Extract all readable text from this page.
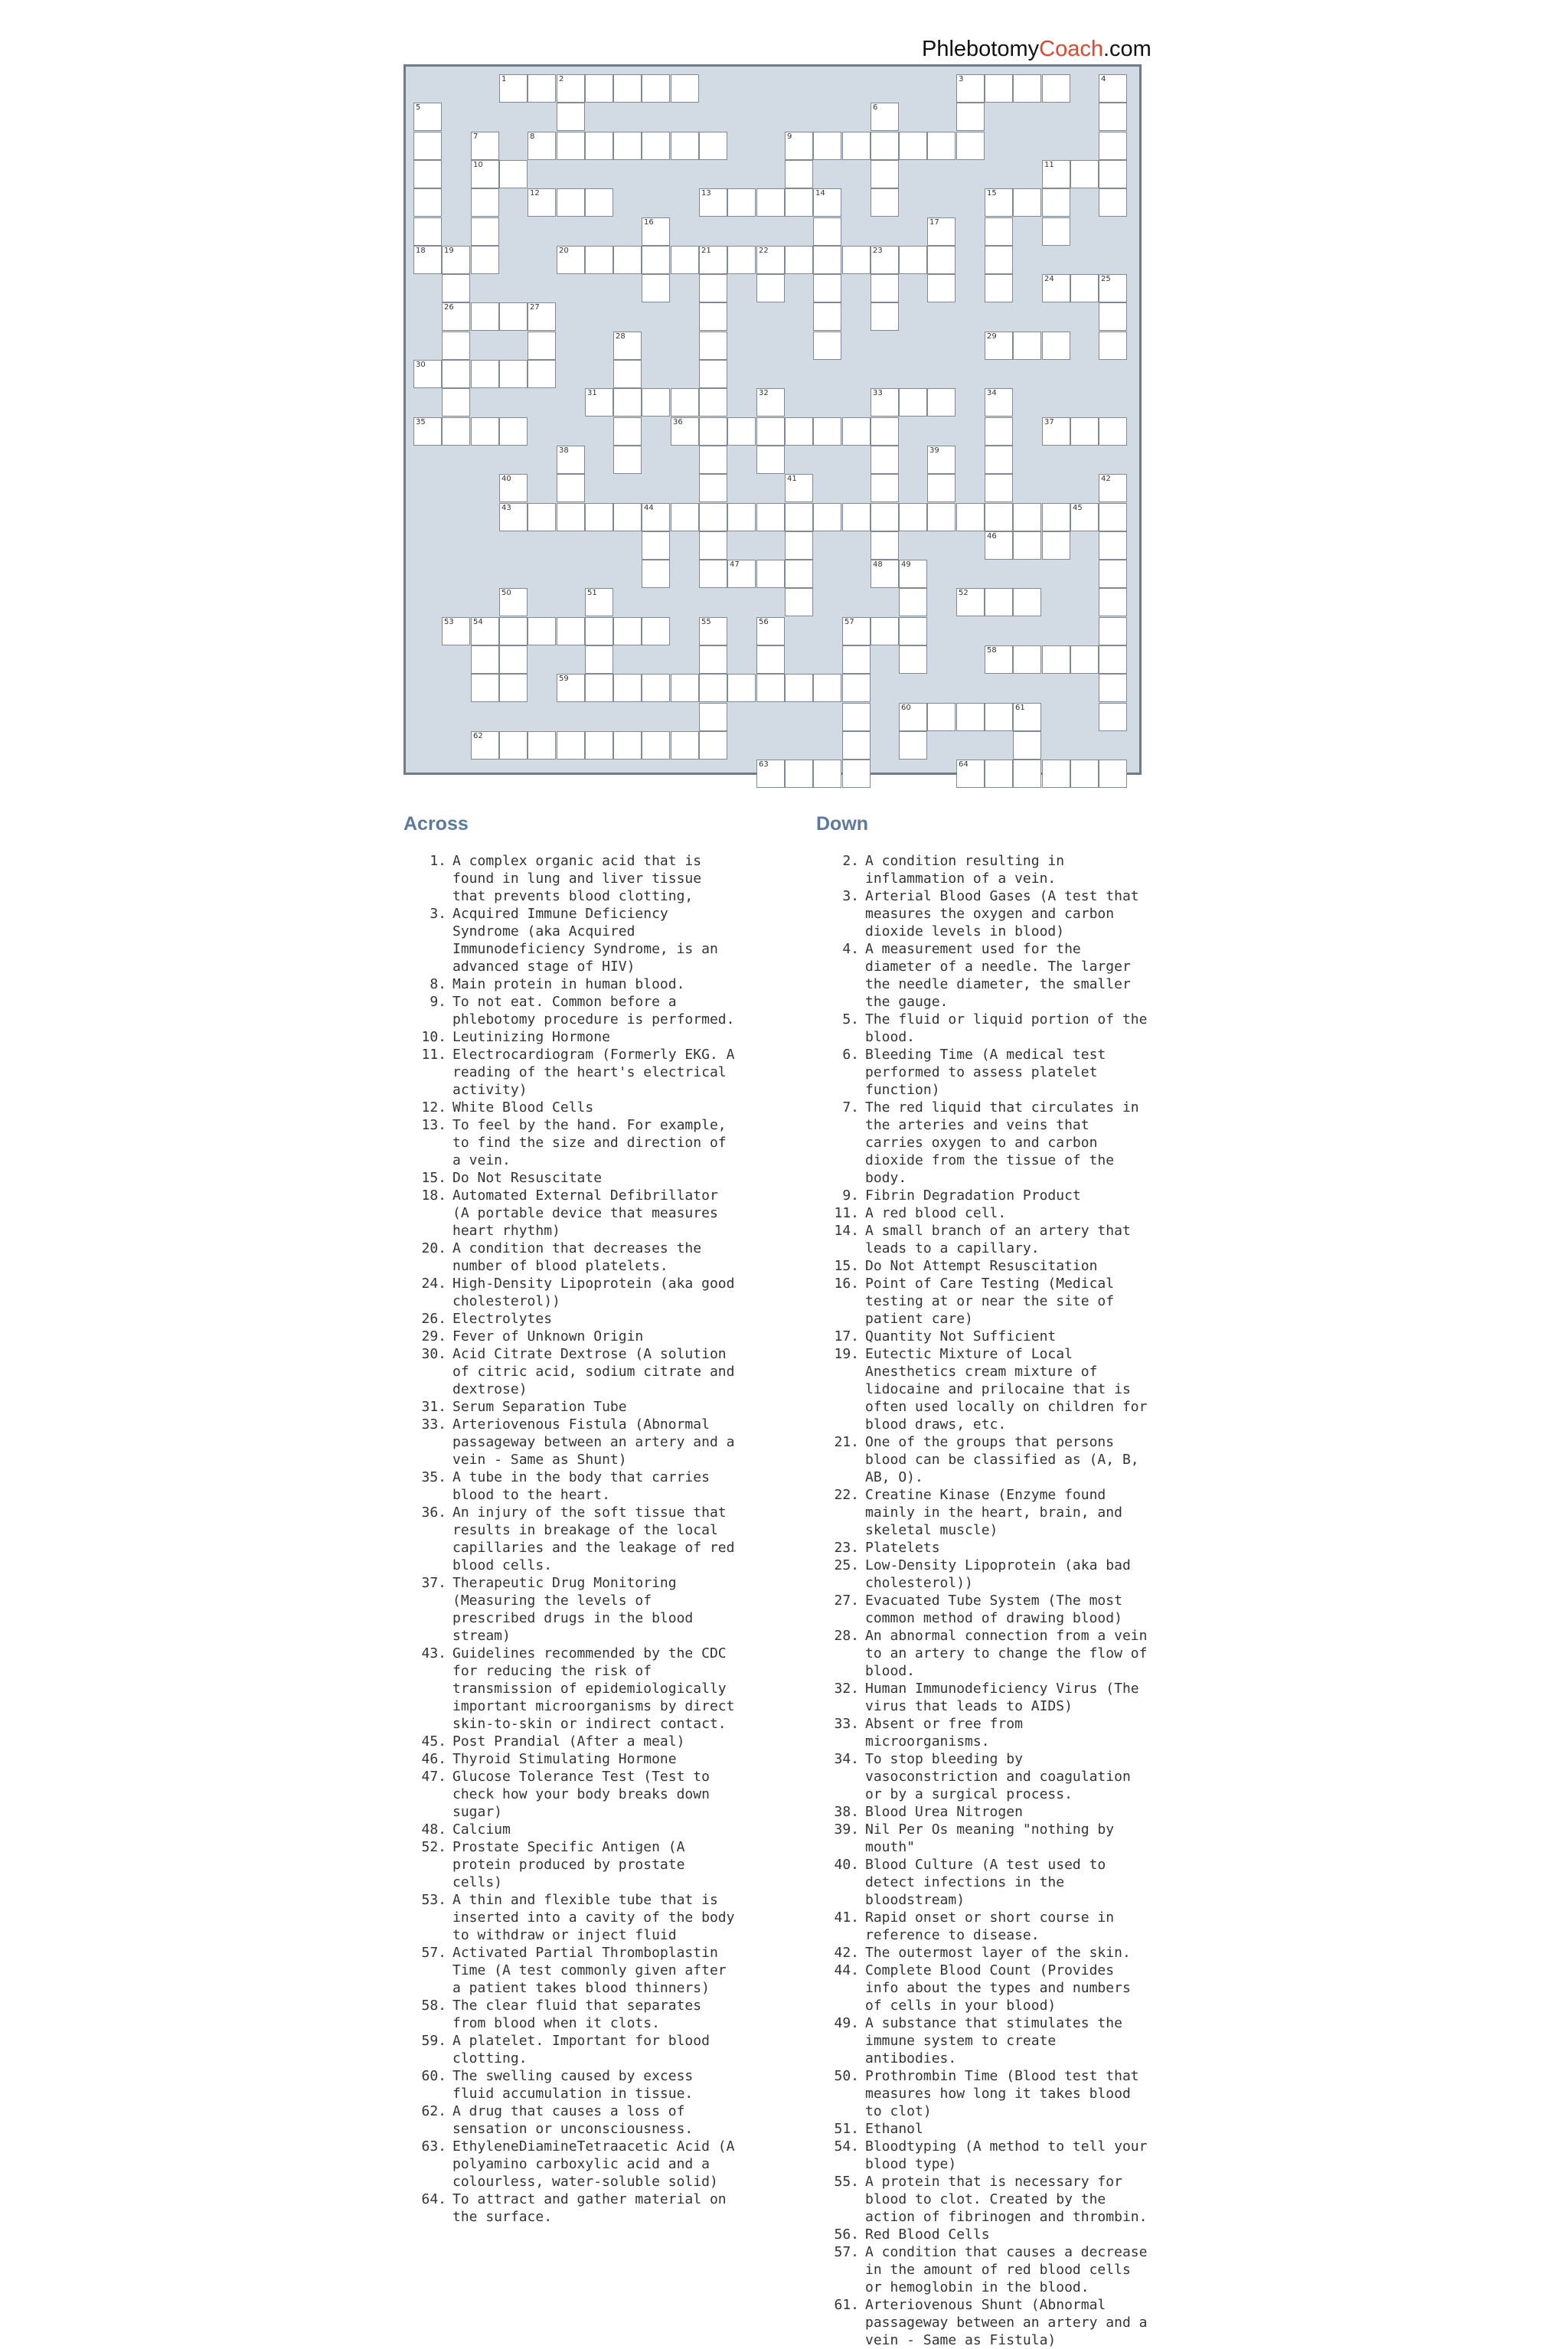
PhlebotomyCoach.com
1	2	3	4
5
18
6
7
10
8	9
11
12	13	14	15
16	17
19
26
20	21	22	23
24	25
27
28	29
30
31	32	33
48
34
46
35	36	37
38	39
40
43
41	42
44	45
47	49
50	51	52
53	54	55	56	57
58
59
60	61
62
63	64
Across	Down
1. A complex organic acid that is found in lung and liver tissue that prevents blood clotting,
3. Acquired Immune Deficiency Syndrome (aka Acquired Immunodeficiency Syndrome, is an advanced stage of HIV)
8. Main protein in human blood.
9. To not eat. Common before a phlebotomy procedure is performed.
10. Leutinizing Hormone
11. Electrocardiogram (Formerly EKG. A reading of the heart's electrical activity)
12. White Blood Cells
13. To feel by the hand. For example, to find the size and direction of a vein.
15. Do Not Resuscitate
18. Automated External Defibrillator (A portable device that measures heart rhythm)
20. A condition that decreases the number of blood platelets.
24. High-Density Lipoprotein (aka good cholesterol))
26. Electrolytes
29. Fever of Unknown Origin
30. Acid Citrate Dextrose (A solution of citric acid, sodium citrate and dextrose)
31. Serum Separation Tube
33. Arteriovenous Fistula (Abnormal passageway between an artery and a vein - Same as Shunt)
35. A tube in the body that carries blood to the heart.
36. An injury of the soft tissue that results in breakage of the local capillaries and the leakage of red blood cells.
37. Therapeutic Drug Monitoring (Measuring the levels of prescribed drugs in the blood stream)
43. Guidelines recommended by the CDC for reducing the risk of transmission of epidemiologically important microorganisms by direct skin-to-skin or indirect contact.
45. Post Prandial (After a meal)
46. Thyroid Stimulating Hormone
47. Glucose Tolerance Test (Test to check how your body breaks down sugar)
48. Calcium
52. Prostate Specific Antigen (A protein produced by prostate cells)
53. A thin and flexible tube that is inserted into a cavity of the body to withdraw or inject fluid
57. Activated Partial Thromboplastin Time (A test commonly given after a patient takes blood thinners)
58. The clear fluid that separates from blood when it clots.
59. A platelet. Important for blood clotting.
60. The swelling caused by excess fluid accumulation in tissue.
62. A drug that causes a loss of sensation or unconsciousness.
63. EthyleneDiamineTetraacetic Acid (A polyamino carboxylic acid and a colourless, water-soluble solid)
64. To attract and gather material on the surface.
2. A condition resulting in inflammation of a vein.
3. Arterial Blood Gases (A test that measures the oxygen and carbon dioxide levels in blood)
4. A measurement used for the diameter of a needle. The larger the needle diameter, the smaller the gauge.
5. The fluid or liquid portion of the blood.
6. Bleeding Time (A medical test performed to assess platelet function)
7. The red liquid that circulates in the arteries and veins that carries oxygen to and carbon dioxide from the tissue of the body.
9. Fibrin Degradation Product
11. A red blood cell.
14. A small branch of an artery that leads to a capillary.
15. Do Not Attempt Resuscitation
16. Point of Care Testing (Medical testing at or near the site of patient care)
17. Quantity Not Sufficient
19. Eutectic Mixture of Local Anesthetics cream mixture of lidocaine and prilocaine that is often used locally on children for blood draws, etc.
21. One of the groups that persons blood can be classified as (A, B, AB, O).
22. Creatine Kinase (Enzyme found mainly in the heart, brain, and skeletal muscle)
23. Platelets
25. Low-Density Lipoprotein (aka bad cholesterol))
27. Evacuated Tube System (The most common method of drawing blood)
28. An abnormal connection from a vein to an artery to change the flow of blood.
32. Human Immunodeficiency Virus (The virus that leads to AIDS)
33. Absent or free from microorganisms.
34. To stop bleeding by vasoconstriction and coagulation or by a surgical process.
38. Blood Urea Nitrogen
39. Nil Per Os meaning "nothing by mouth"
40. Blood Culture (A test used to detect infections in the bloodstream)
41. Rapid onset or short course in reference to disease.
42. The outermost layer of the skin.
44. Complete Blood Count (Provides info about the types and numbers of cells in your blood)
49. A substance that stimulates the immune system to create antibodies.
50. Prothrombin Time (Blood test that measures how long it takes blood to clot)
51. Ethanol
54. Bloodtyping (A method to tell your blood type)
55. A protein that is necessary for blood to clot. Created by the action of fibrinogen and thrombin.
56. Red Blood Cells
57. A condition that causes a decrease in the amount of red blood cells or hemoglobin in the blood.
61. Arteriovenous Shunt (Abnormal passageway between an artery and a vein - Same as Fistula)
